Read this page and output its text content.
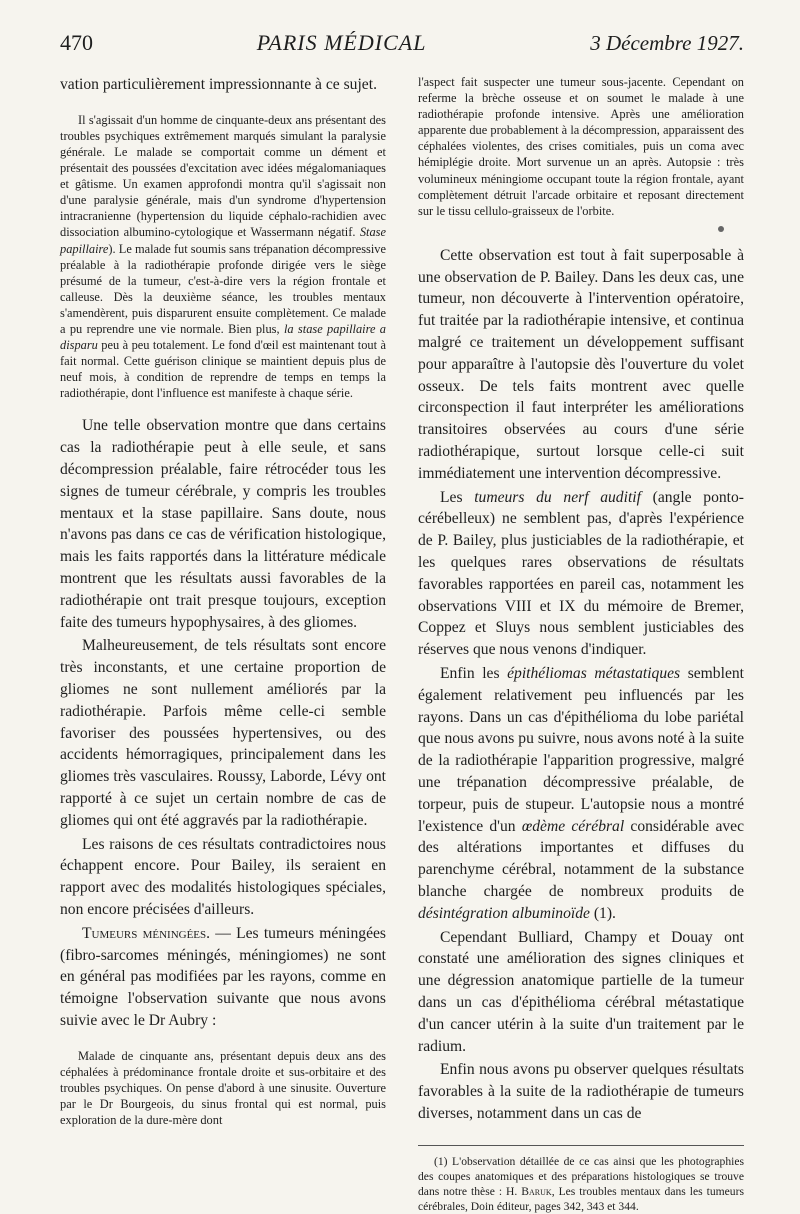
470	PARIS MÉDICAL	3 Décembre 1927.

vation particulièrement impressionnante à ce sujet.

Il s'agissait d'un homme de cinquante-deux ans présentant des troubles psychiques extrêmement marqués simulant la paralysie générale. Le malade se comportait comme un dément et présentait des poussées d'excitation avec idées mégalomaniaques et gâtisme. Un examen approfondi montra qu'il s'agissait non d'une paralysie générale, mais d'un syndrome d'hypertension intracranienne (hypertension du liquide céphalo-rachidien avec dissociation albumino-cytologique et Wassermann négatif. Stase papillaire). Le malade fut soumis sans trépanation décompressive préalable à la radiothérapie profonde dirigée vers le siège présumé de la tumeur, c'est-à-dire vers la région frontale et calleuse. Dès la deuxième séance, les troubles mentaux s'amendèrent, puis disparurent ensuite complètement. Ce malade a pu reprendre une vie normale. Bien plus, la stase papillaire a disparu peu à peu totalement. Le fond d'œil est maintenant tout à fait normal. Cette guérison clinique se maintient depuis plus de neuf mois, à condition de reprendre de temps en temps la radiothérapie, dont l'influence est manifeste à chaque série.

Une telle observation montre que dans certains cas la radiothérapie peut à elle seule, et sans décompression préalable, faire rétrocéder tous les signes de tumeur cérébrale, y compris les troubles mentaux et la stase papillaire. Sans doute, nous n'avons pas dans ce cas de vérification histologique, mais les faits rapportés dans la littérature médicale montrent que les résultats aussi favorables de la radiothérapie ont trait presque toujours, exception faite des tumeurs hypophysaires, à des gliomes.

Malheureusement, de tels résultats sont encore très inconstants, et une certaine proportion de gliomes ne sont nullement améliorés par la radiothérapie. Parfois même celle-ci semble favoriser des poussées hypertensives, ou des accidents hémorragiques, principalement dans les gliomes très vasculaires. Roussy, Laborde, Lévy ont rapporté à ce sujet un certain nombre de cas de gliomes qui ont été aggravés par la radiothérapie.

Les raisons de ces résultats contradictoires nous échappent encore. Pour Bailey, ils seraient en rapport avec des modalités histologiques spéciales, non encore précisées d'ailleurs.

Tumeurs méningées. — Les tumeurs méningées (fibro-sarcomes méningés, méningiomes) ne sont en général pas modifiées par les rayons, comme en témoigne l'observation suivante que nous avons suivie avec le Dr Aubry :

Malade de cinquante ans, présentant depuis deux ans des céphalées à prédominance frontale droite et sus-orbitaire et des troubles psychiques. On pense d'abord à une sinusite. Ouverture par le Dr Bourgeois, du sinus frontal qui est normal, puis exploration de la dure-mère dont

l'aspect fait suspecter une tumeur sous-jacente. Cependant on referme la brèche osseuse et on soumet le malade à une radiothérapie profonde intensive. Après une amélioration apparente due probablement à la décompression, apparaissent des céphalées violentes, des crises comitiales, puis un coma avec hémiplégie droite. Mort survenue un an après. Autopsie : très volumineux méningiome occupant toute la région frontale, ayant complètement détruit l'arcade orbitaire et reposant directement sur le tissu cellulo-graisseux de l'orbite.

Cette observation est tout à fait superposable à une observation de P. Bailey. Dans les deux cas, une tumeur, non découverte à l'intervention opératoire, fut traitée par la radiothérapie intensive, et continua malgré ce traitement un développement suffisant pour apparaître à l'autopsie dès l'ouverture du volet osseux. De tels faits montrent avec quelle circonspection il faut interpréter les améliorations transitoires observées au cours d'une série radiothérapique, surtout lorsque celle-ci suit immédiatement une intervention décompressive.

Les tumeurs du nerf auditif (angle ponto-cérébelleux) ne semblent pas, d'après l'expérience de P. Bailey, plus justiciables de la radiothérapie, et les quelques rares observations de résultats favorables rapportées en pareil cas, notamment les observations VIII et IX du mémoire de Bremer, Coppez et Sluys nous semblent justiciables des réserves que nous venons d'indiquer.

Enfin les épithéliomas métastatiques semblent également relativement peu influencés par les rayons. Dans un cas d'épithélioma du lobe pariétal que nous avons pu suivre, nous avons noté à la suite de la radiothérapie l'apparition progressive, malgré une trépanation décompressive préalable, de torpeur, puis de stupeur. L'autopsie nous a montré l'existence d'un œdème cérébral considérable avec des altérations importantes et diffuses du parenchyme cérébral, notamment de la substance blanche chargée de nombreux produits de désintégration albuminoïde (1).

Cependant Bulliard, Champy et Douay ont constaté une amélioration des signes cliniques et une dégression anatomique partielle de la tumeur dans un cas d'épithélioma cérébral métastatique d'un cancer utérin à la suite d'un traitement par le radium.

Enfin nous avons pu observer quelques résultats favorables à la suite de la radiothérapie de tumeurs diverses, notamment dans un cas de

(1) L'observation détaillée de ce cas ainsi que les photographies des coupes anatomiques et des préparations histologiques se trouve dans notre thèse : H. Baruk, Les troubles mentaux dans les tumeurs cérébrales, Doin éditeur, pages 342, 343 et 344.
